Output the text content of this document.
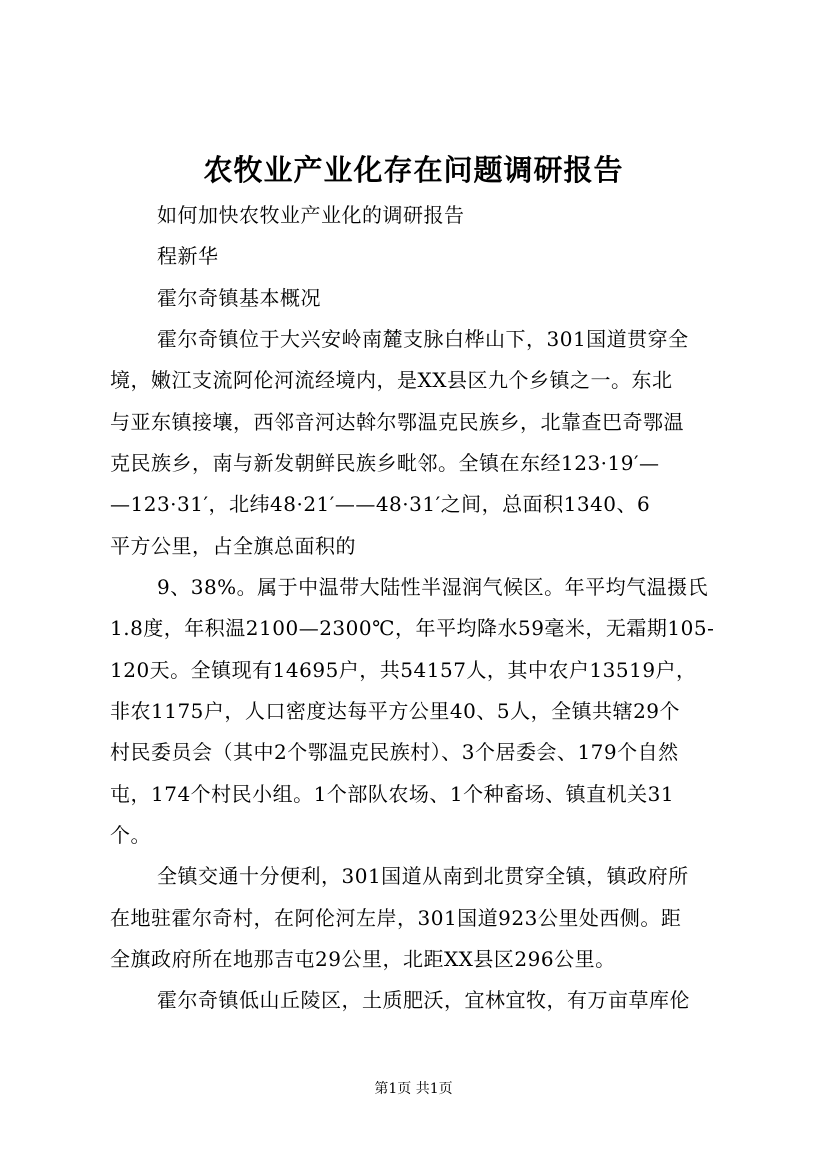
农牧业产业化存在问题调研报告
如何加快农牧业产业化的调研报告
程新华
霍尔奇镇基本概况
霍尔奇镇位于大兴安岭南麓支脉白桦山下，301国道贯穿全
境，嫩江支流阿伦河流经境内，是XX县区九个乡镇之一。东北
与亚东镇接壤，西邻音河达斡尔鄂温克民族乡，北靠查巴奇鄂温
克民族乡，南与新发朝鲜民族乡毗邻。全镇在东经123·19′—
—123·31′，北纬48·21′——48·31′之间，总面积1340、6
平方公里，占全旗总面积的
9、38%。属于中温带大陆性半湿润气候区。年平均气温摄氏
1.8度，年积温2100—2300℃，年平均降水59毫米，无霜期105-
120天。全镇现有14695户，共54157人，其中农户13519户，
非农1175户，人口密度达每平方公里40、5人，全镇共辖29个
村民委员会（其中2个鄂温克民族村）、3个居委会、179个自然
屯，174个村民小组。1个部队农场、1个种畜场、镇直机关31
个。
全镇交通十分便利，301国道从南到北贯穿全镇，镇政府所
在地驻霍尔奇村，在阿伦河左岸，301国道923公里处西侧。距
全旗政府所在地那吉屯29公里，北距XX县区296公里。
霍尔奇镇低山丘陵区，土质肥沃，宜林宜牧，有万亩草库伦
第1页 共1页
